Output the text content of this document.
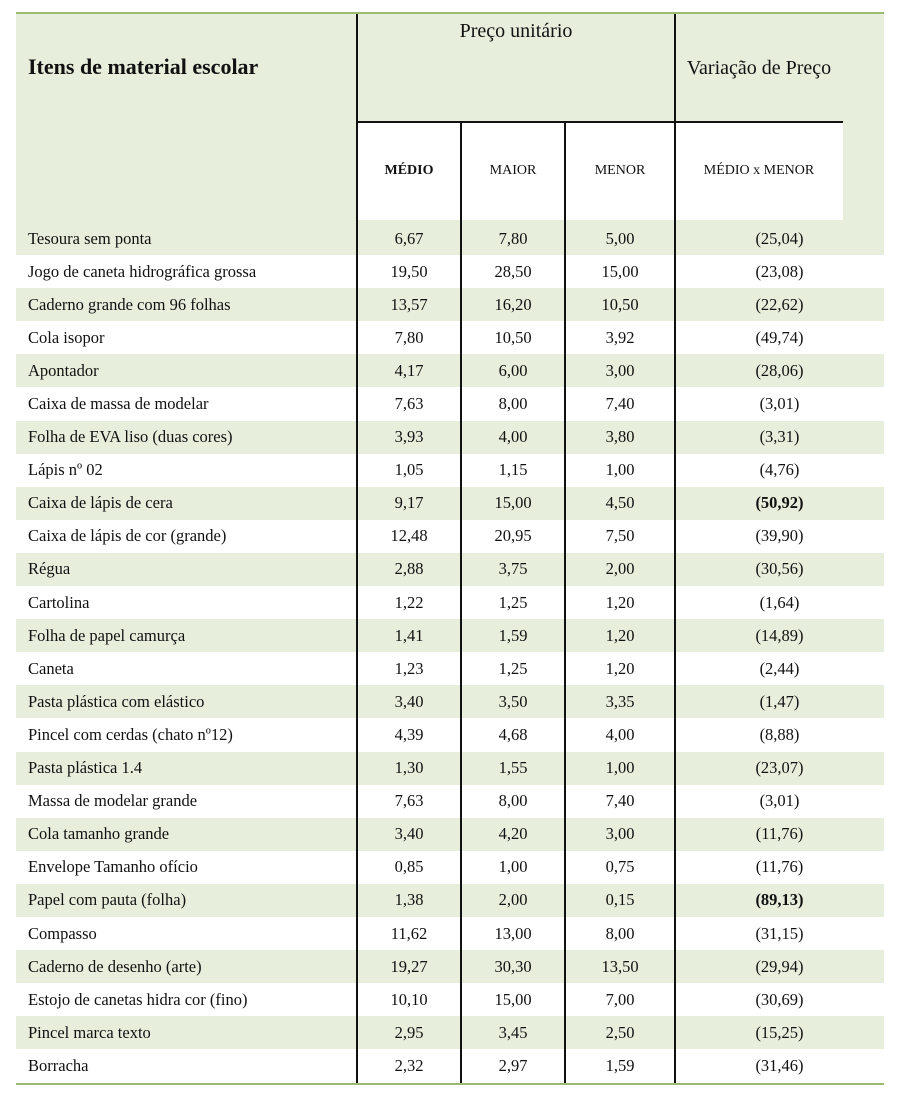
Itens de material escolar
Preço unitário
Variação de Preço
MÉDIO	MAIOR	MENOR	MÉDIO x MENOR
Tesoura sem ponta	6,67	7,80	5,00	(25,04)
Jogo de caneta hidrográfica grossa	19,50	28,50	15,00	(23,08)
Caderno grande com 96 folhas	13,57	16,20	10,50	(22,62)
Cola isopor	7,80	10,50	3,92	(49,74)
Apontador	4,17	6,00	3,00	(28,06)
Caixa de massa de modelar	7,63	8,00	7,40	(3,01)
Folha de EVA liso (duas cores)	3,93	4,00	3,80	(3,31)
Lápis nº 02	1,05	1,15	1,00	(4,76)
Caixa de lápis de cera	9,17	15,00	4,50	(50,92)
Caixa de lápis de cor (grande)	12,48	20,95	7,50	(39,90)
Régua	2,88	3,75	2,00	(30,56)
Cartolina	1,22	1,25	1,20	(1,64)
Folha de papel camurça	1,41	1,59	1,20	(14,89)
Caneta	1,23	1,25	1,20	(2,44)
Pasta plástica com elástico	3,40	3,50	3,35	(1,47)
Pincel com cerdas (chato nº12)	4,39	4,68	4,00	(8,88)
Pasta plástica 1.4	1,30	1,55	1,00	(23,07)
Massa de modelar grande	7,63	8,00	7,40	(3,01)
Cola tamanho grande	3,40	4,20	3,00	(11,76)
Envelope Tamanho ofício	0,85	1,00	0,75	(11,76)
Papel com pauta (folha)	1,38	2,00	0,15	(89,13)
Compasso	11,62	13,00	8,00	(31,15)
Caderno de desenho (arte)	19,27	30,30	13,50	(29,94)
Estojo de canetas hidra cor (fino)	10,10	15,00	7,00	(30,69)
Pincel marca texto	2,95	3,45	2,50	(15,25)
Borracha	2,32	2,97	1,59	(31,46)
